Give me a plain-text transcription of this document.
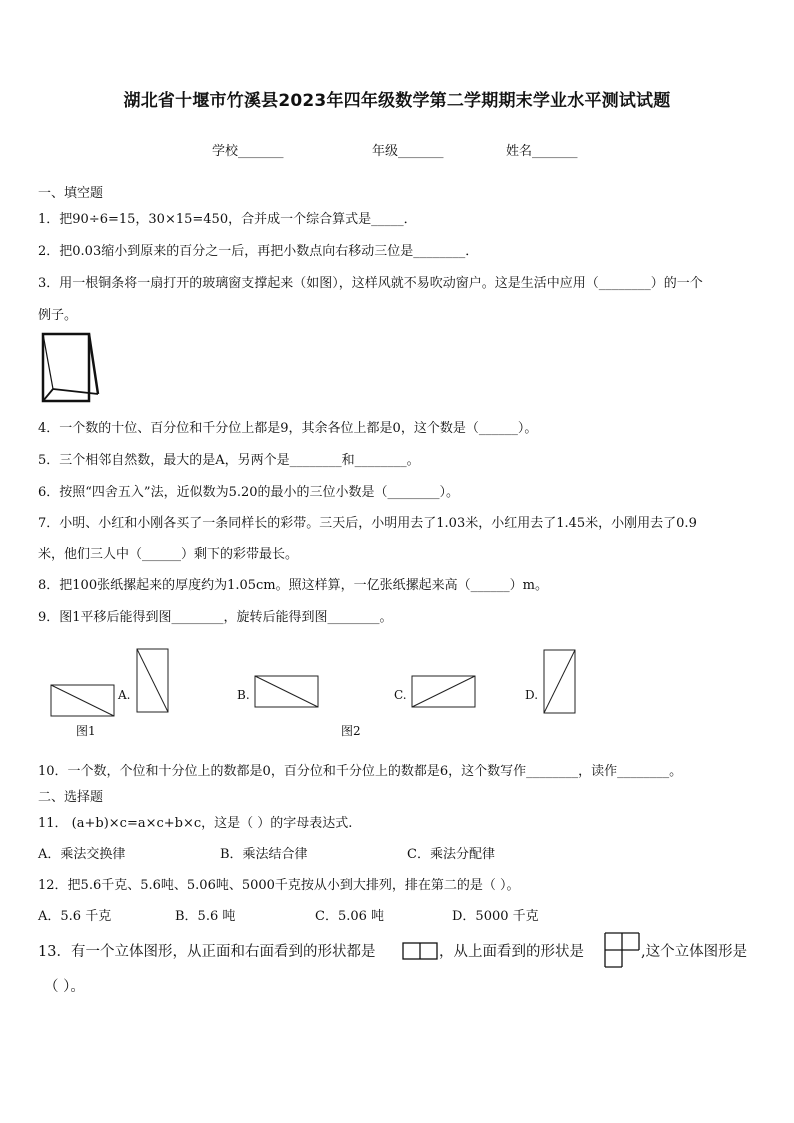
湖北省十堰市竹溪县2023年四年级数学第二学期期末学业水平测试试题
学校_______	年级_______	姓名_______
一、填空题
1．把90÷6=15，30×15=450，合并成一个综合算式是_____．
2．把0.03缩小到原来的百分之一后，再把小数点向右移动三位是________．
3．用一根铜条将一扇打开的玻璃窗支撑起来（如图），这样风就不易吹动窗户。这是生活中应用（________）的一个
例子。
4．一个数的十位、百分位和千分位上都是9，其余各位上都是0，这个数是（______）。
5．三个相邻自然数，最大的是A，另两个是________和________。
6．按照“四舍五入”法，近似数为5.20的最小的三位小数是（________）。
7．小明、小红和小刚各买了一条同样长的彩带。三天后，小明用去了1.03米，小红用去了1.45米，小刚用去了0.9
米，他们三人中（______）剩下的彩带最长。
8．把100张纸摞起来的厚度约为1.05cm。照这样算，一亿张纸摞起来高（______）m。
9．图1平移后能得到图________，旋转后能得到图________。
A.
图1
B.
图2
C.	D.
10．一个数，个位和十分位上的数都是0，百分位和千分位上的数都是6，这个数写作________，读作________。
二、选择题
11． (a+b)×c=a×c+b×c，这是（ ）的字母表达式.
A．乘法交换律	B．乘法结合律	C．乘法分配律
12．把5.6千克、5.6吨、5.06吨、5000千克按从小到大排列，排在第二的是（ ）。
A．5.6 千克	B．5.6 吨	C．5.06 吨	D．5000 千克
13．有一个立体图形，从正面和右面看到的形状都是	，从上面看到的形状是	,这个立体图形是
（ ）。
